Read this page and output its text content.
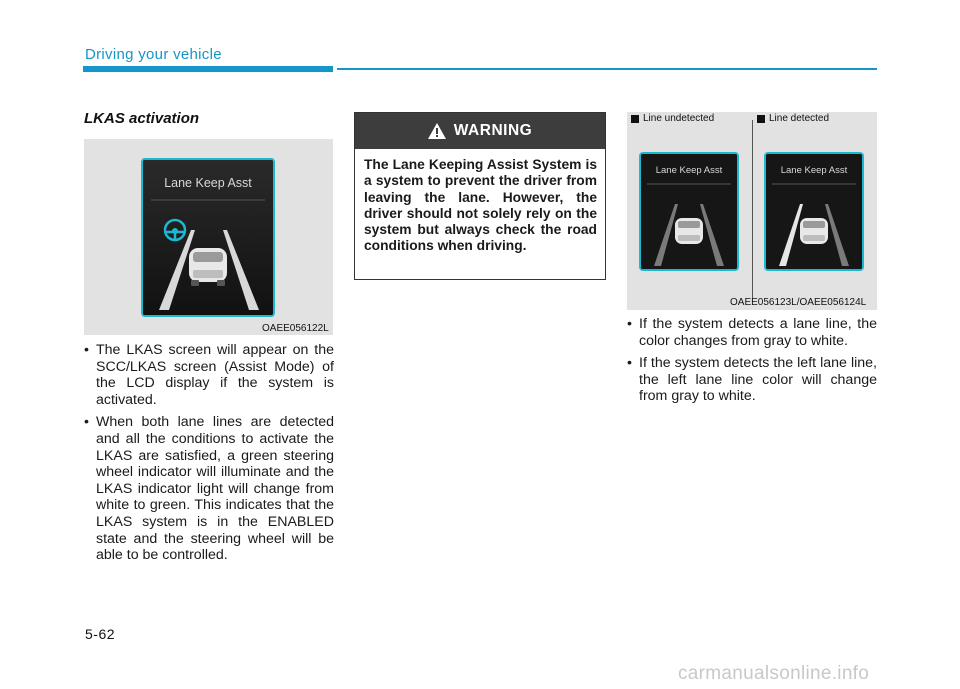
Driving your vehicle
LKAS activation
Lane Keep Asst
OAEE056122L
• The LKAS screen will appear on the SCC/LKAS screen (Assist Mode) of the LCD display if the system is activated.
• When both lane lines are detected and all the conditions to activate the LKAS are satisfied, a green steering wheel indicator will illuminate and the LKAS indicator light will change from white to green. This indicates that the LKAS system is in the ENABLED state and the steering wheel will be able to be controlled.
WARNING
The Lane Keeping Assist System is a system to prevent the driver from leaving the lane. However, the driver should not solely rely on the system but always check the road conditions when driving.
Lane Keep Asst	Lane Keep Asst
Line undetected	Line detected
OAEE056123L/OAEE056124L
• If the system detects a lane line, the color changes from gray to white.
• If the system detects the left lane line, the left lane line color will change from gray to white.
5-62
carmanualsonline.info
